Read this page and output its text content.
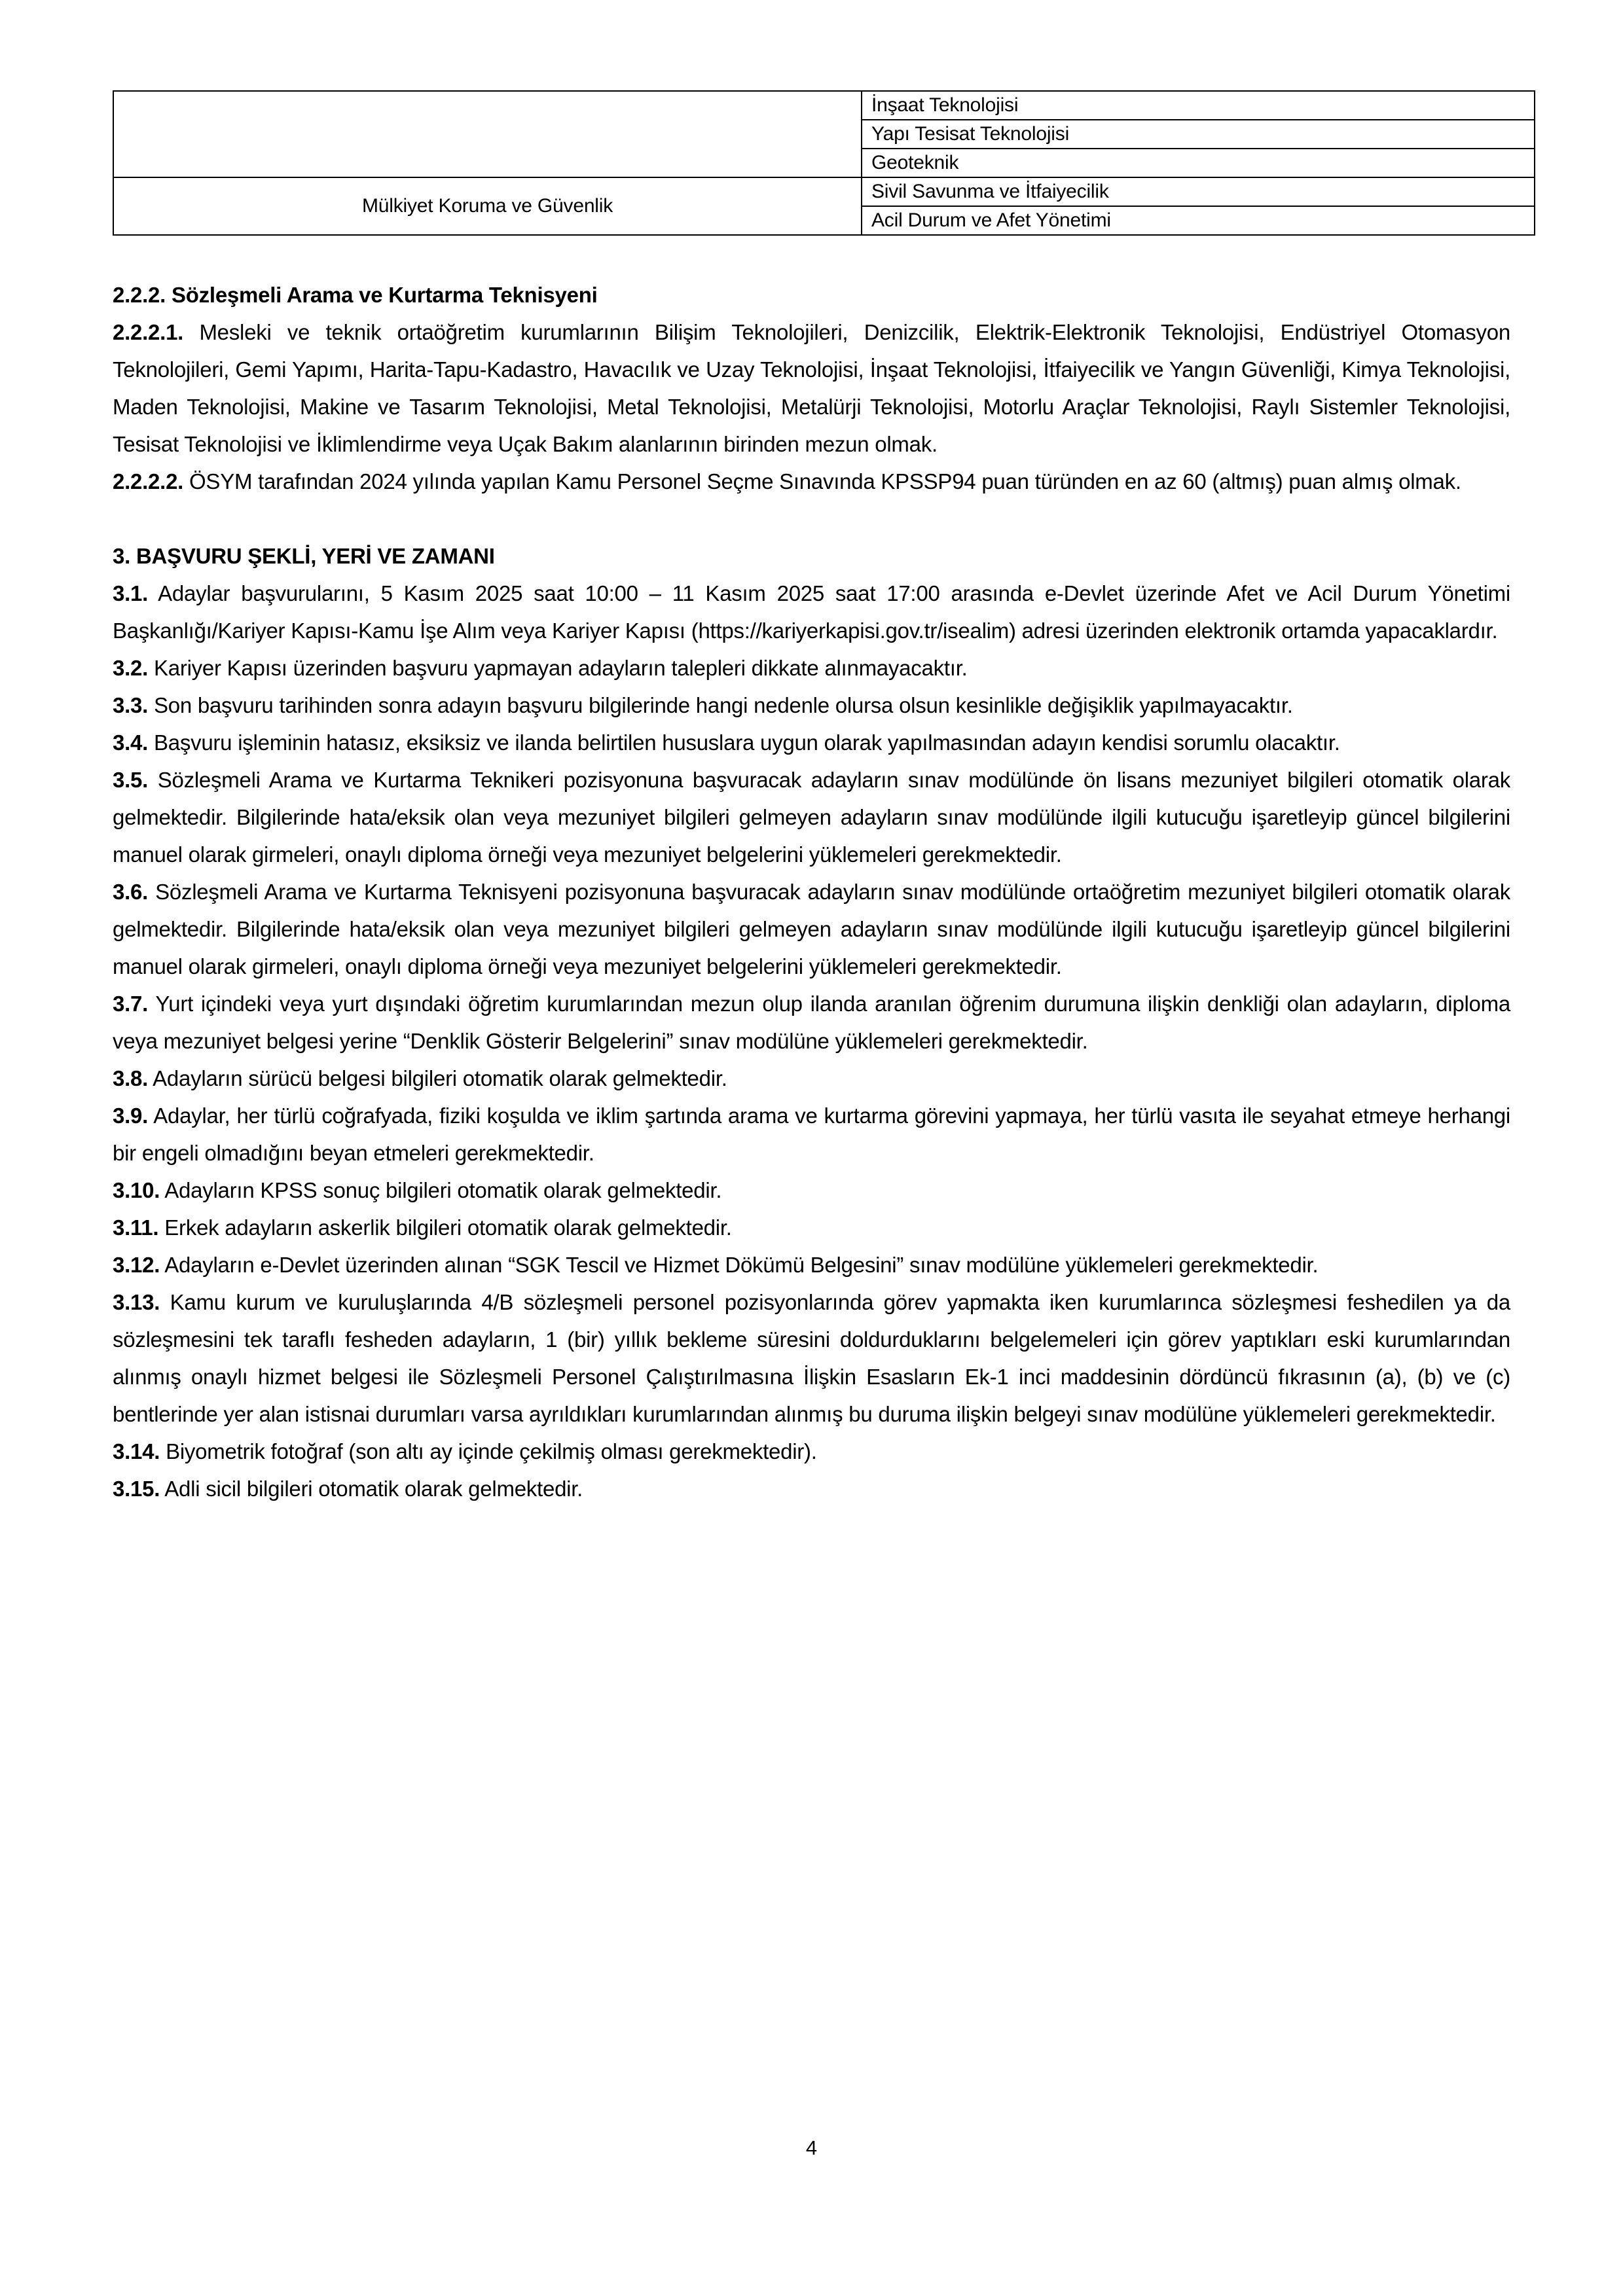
	İnşaat Teknolojisi
	Yapı Tesisat Teknolojisi
	Geoteknik
Mülkiyet Koruma ve Güvenlik	Sivil Savunma ve İtfaiyecilik
	Acil Durum ve Afet Yönetimi

2.2.2. Sözleşmeli Arama ve Kurtarma Teknisyeni

2.2.2.1. Mesleki ve teknik ortaöğretim kurumlarının Bilişim Teknolojileri, Denizcilik, Elektrik-Elektronik Teknolojisi, Endüstriyel Otomasyon Teknolojileri, Gemi Yapımı, Harita-Tapu-Kadastro, Havacılık ve Uzay Teknolojisi, İnşaat Teknolojisi, İtfaiyecilik ve Yangın Güvenliği, Kimya Teknolojisi, Maden Teknolojisi, Makine ve Tasarım Teknolojisi, Metal Teknolojisi, Metalürji Teknolojisi, Motorlu Araçlar Teknolojisi, Raylı Sistemler Teknolojisi, Tesisat Teknolojisi ve İklimlendirme veya Uçak Bakım alanlarının birinden mezun olmak.

2.2.2.2. ÖSYM tarafından 2024 yılında yapılan Kamu Personel Seçme Sınavında KPSSP94 puan türünden en az 60 (altmış) puan almış olmak.

3. BAŞVURU ŞEKLİ, YERİ VE ZAMANI

3.1. Adaylar başvurularını, 5 Kasım 2025 saat 10:00 – 11 Kasım 2025 saat 17:00 arasında e-Devlet üzerinde Afet ve Acil Durum Yönetimi Başkanlığı/Kariyer Kapısı-Kamu İşe Alım veya Kariyer Kapısı (https://kariyerkapisi.gov.tr/isealim) adresi üzerinden elektronik ortamda yapacaklardır.

3.2. Kariyer Kapısı üzerinden başvuru yapmayan adayların talepleri dikkate alınmayacaktır.

3.3. Son başvuru tarihinden sonra adayın başvuru bilgilerinde hangi nedenle olursa olsun kesinlikle değişiklik yapılmayacaktır.

3.4. Başvuru işleminin hatasız, eksiksiz ve ilanda belirtilen hususlara uygun olarak yapılmasından adayın kendisi sorumlu olacaktır.

3.5. Sözleşmeli Arama ve Kurtarma Teknikeri pozisyonuna başvuracak adayların sınav modülünde ön lisans mezuniyet bilgileri otomatik olarak gelmektedir. Bilgilerinde hata/eksik olan veya mezuniyet bilgileri gelmeyen adayların sınav modülünde ilgili kutucuğu işaretleyip güncel bilgilerini manuel olarak girmeleri, onaylı diploma örneği veya mezuniyet belgelerini yüklemeleri gerekmektedir.

3.6. Sözleşmeli Arama ve Kurtarma Teknisyeni pozisyonuna başvuracak adayların sınav modülünde ortaöğretim mezuniyet bilgileri otomatik olarak gelmektedir. Bilgilerinde hata/eksik olan veya mezuniyet bilgileri gelmeyen adayların sınav modülünde ilgili kutucuğu işaretleyip güncel bilgilerini manuel olarak girmeleri, onaylı diploma örneği veya mezuniyet belgelerini yüklemeleri gerekmektedir.

3.7. Yurt içindeki veya yurt dışındaki öğretim kurumlarından mezun olup ilanda aranılan öğrenim durumuna ilişkin denkliği olan adayların, diploma veya mezuniyet belgesi yerine “Denklik Gösterir Belgelerini” sınav modülüne yüklemeleri gerekmektedir.

3.8. Adayların sürücü belgesi bilgileri otomatik olarak gelmektedir.

3.9. Adaylar, her türlü coğrafyada, fiziki koşulda ve iklim şartında arama ve kurtarma görevini yapmaya, her türlü vasıta ile seyahat etmeye herhangi bir engeli olmadığını beyan etmeleri gerekmektedir.

3.10. Adayların KPSS sonuç bilgileri otomatik olarak gelmektedir.

3.11. Erkek adayların askerlik bilgileri otomatik olarak gelmektedir.

3.12. Adayların e-Devlet üzerinden alınan “SGK Tescil ve Hizmet Dökümü Belgesini” sınav modülüne yüklemeleri gerekmektedir.

3.13. Kamu kurum ve kuruluşlarında 4/B sözleşmeli personel pozisyonlarında görev yapmakta iken kurumlarınca sözleşmesi feshedilen ya da sözleşmesini tek taraflı fesheden adayların, 1 (bir) yıllık bekleme süresini doldurduklarını belgelemeleri için görev yaptıkları eski kurumlarından alınmış onaylı hizmet belgesi ile Sözleşmeli Personel Çalıştırılmasına İlişkin Esasların Ek-1 inci maddesinin dördüncü fıkrasının (a), (b) ve (c) bentlerinde yer alan istisnai durumları varsa ayrıldıkları kurumlarından alınmış bu duruma ilişkin belgeyi sınav modülüne yüklemeleri gerekmektedir.

3.14. Biyometrik fotoğraf (son altı ay içinde çekilmiş olması gerekmektedir).

3.15. Adli sicil bilgileri otomatik olarak gelmektedir.

4
